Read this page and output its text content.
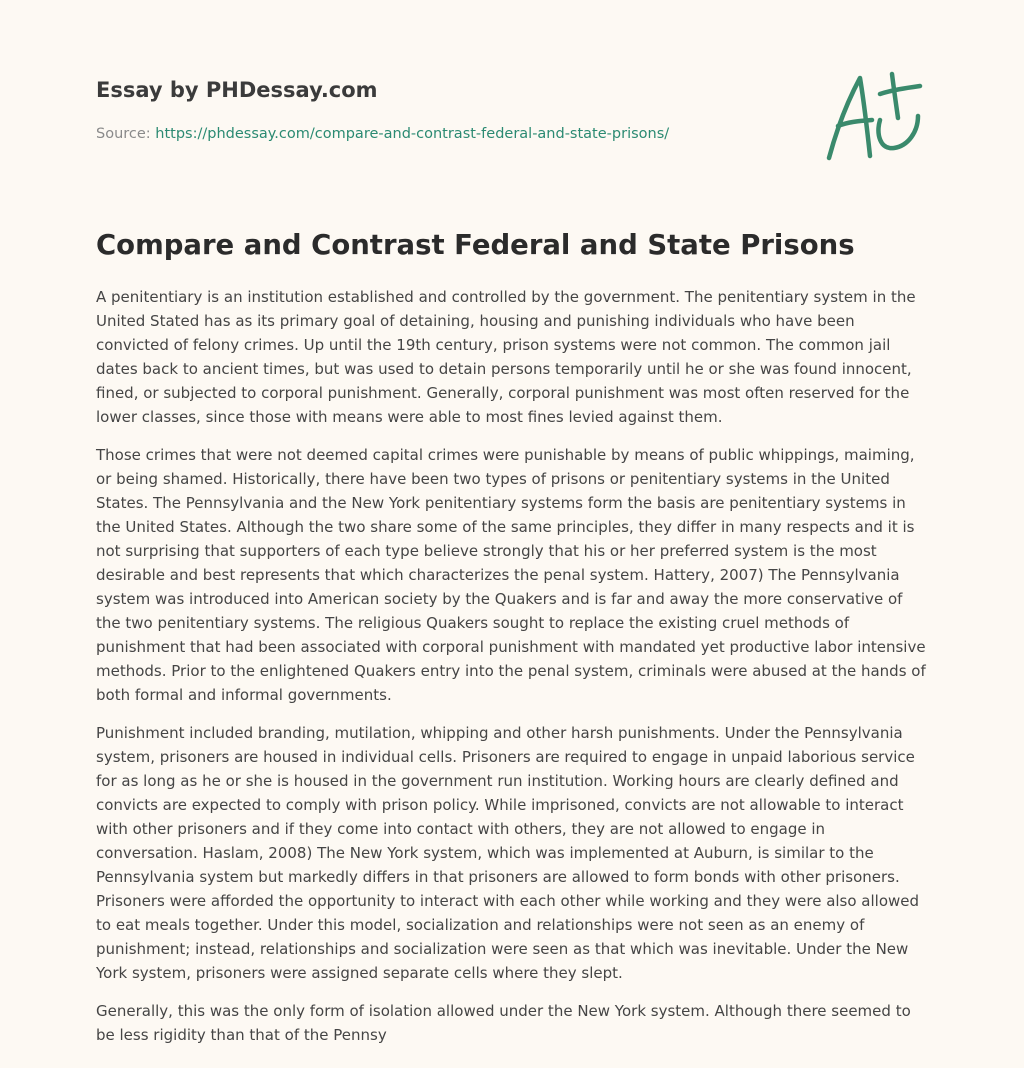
Essay by PHDessay.com
Source: https://phdessay.com/compare-and-contrast-federal-and-state-prisons/
Compare and Contrast Federal and State Prisons

A penitentiary is an institution established and controlled by the government. The penitentiary system in the United Stated has as its primary goal of detaining, housing and punishing individuals who have been convicted of felony crimes. Up until the 19th century, prison systems were not common. The common jail dates back to ancient times, but was used to detain persons temporarily until he or she was found innocent, fined, or subjected to corporal punishment. Generally, corporal punishment was most often reserved for the lower classes, since those with means were able to most fines levied against them.

Those crimes that were not deemed capital crimes were punishable by means of public whippings, maiming, or being shamed. Historically, there have been two types of prisons or penitentiary systems in the United States. The Pennsylvania and the New York penitentiary systems form the basis are penitentiary systems in the United States. Although the two share some of the same principles, they differ in many respects and it is not surprising that supporters of each type believe strongly that his or her preferred system is the most desirable and best represents that which characterizes the penal system. Hattery, 2007) The Pennsylvania system was introduced into American society by the Quakers and is far and away the more conservative of the two penitentiary systems. The religious Quakers sought to replace the existing cruel methods of punishment that had been associated with corporal punishment with mandated yet productive labor intensive methods. Prior to the enlightened Quakers entry into the penal system, criminals were abused at the hands of both formal and informal governments.

Punishment included branding, mutilation, whipping and other harsh punishments. Under the Pennsylvania system, prisoners are housed in individual cells. Prisoners are required to engage in unpaid laborious service for as long as he or she is housed in the government run institution. Working hours are clearly defined and convicts are expected to comply with prison policy. While imprisoned, convicts are not allowable to interact with other prisoners and if they come into contact with others, they are not allowed to engage in conversation. Haslam, 2008) The New York system, which was implemented at Auburn, is similar to the Pennsylvania system but markedly differs in that prisoners are allowed to form bonds with other prisoners. Prisoners were afforded the opportunity to interact with each other while working and they were also allowed to eat meals together. Under this model, socialization and relationships were not seen as an enemy of punishment; instead, relationships and socialization were seen as that which was inevitable. Under the New York system, prisoners were assigned separate cells where they slept.

Generally, this was the only form of isolation allowed under the New York system. Although there seemed to be less rigidity than that of the Pennsy
